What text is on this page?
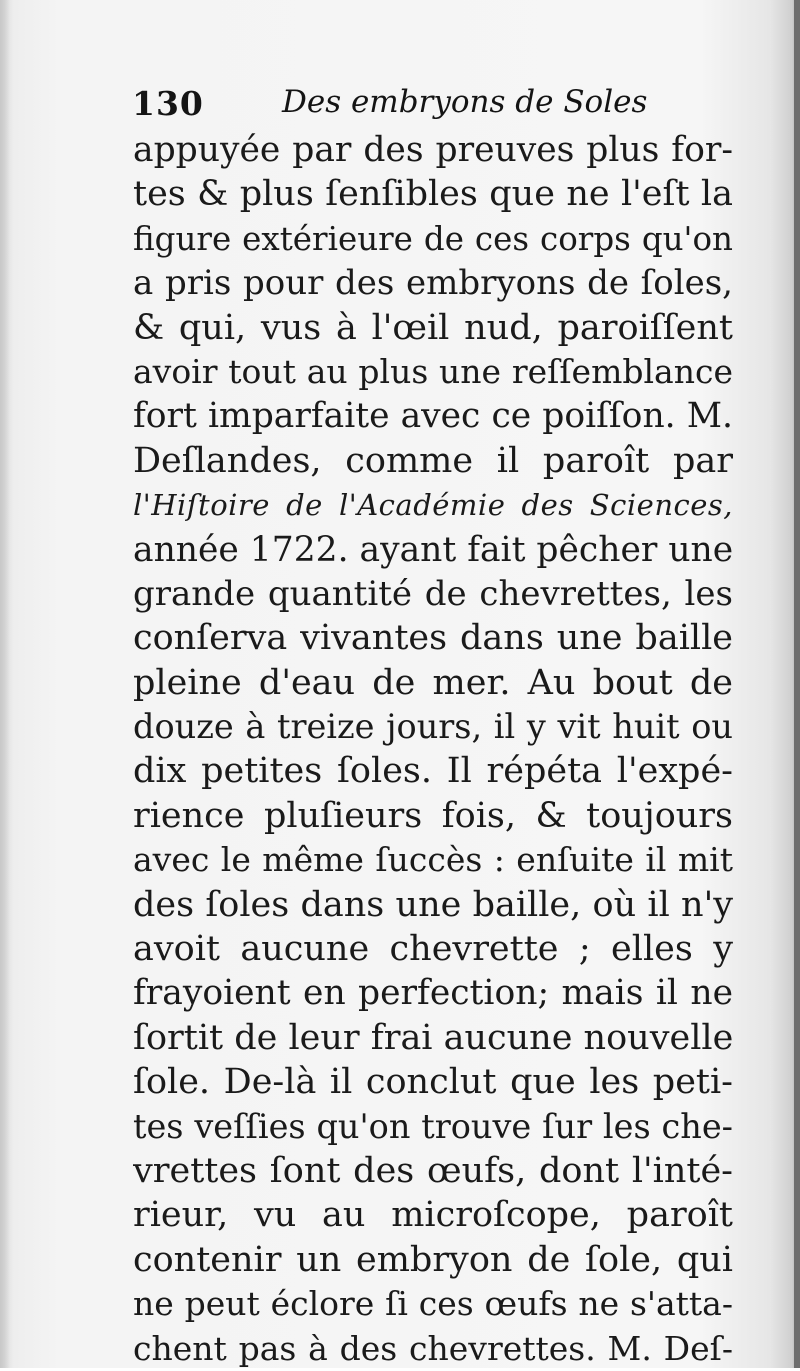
130	Des embryons de Soles
appuyée par des preuves plus for-
tes & plus ſenſibles que ne l'eſt la
figure extérieure de ces corps qu'on
a pris pour des embryons de ſoles,
& qui, vus à l'œil nud, paroiſſent
avoir tout au plus une reſſemblance
fort imparfaite avec ce poiſſon. M.
Deſlandes, comme il paroît par
l'Hiſtoire de l'Académie des Sciences,
année 1722. ayant fait pêcher une
grande quantité de chevrettes, les
conſerva vivantes dans une baille
pleine d'eau de mer. Au bout de
douze à treize jours, il y vit huit ou
dix petites ſoles. Il répéta l'expé-
rience pluſieurs fois, & toujours
avec le même ſuccès : enſuite il mit
des ſoles dans une baille, où il n'y
avoit aucune chevrette ; elles y
frayoient en perfection; mais il ne
ſortit de leur frai aucune nouvelle
ſole. De-là il conclut que les peti-
tes veſſies qu'on trouve ſur les che-
vrettes ſont des œufs, dont l'inté-
rieur, vu au microſcope, paroît
contenir un embryon de ſole, qui
ne peut éclore ſi ces œufs ne s'atta-
chent pas à des chevrettes. M. Deſ-
